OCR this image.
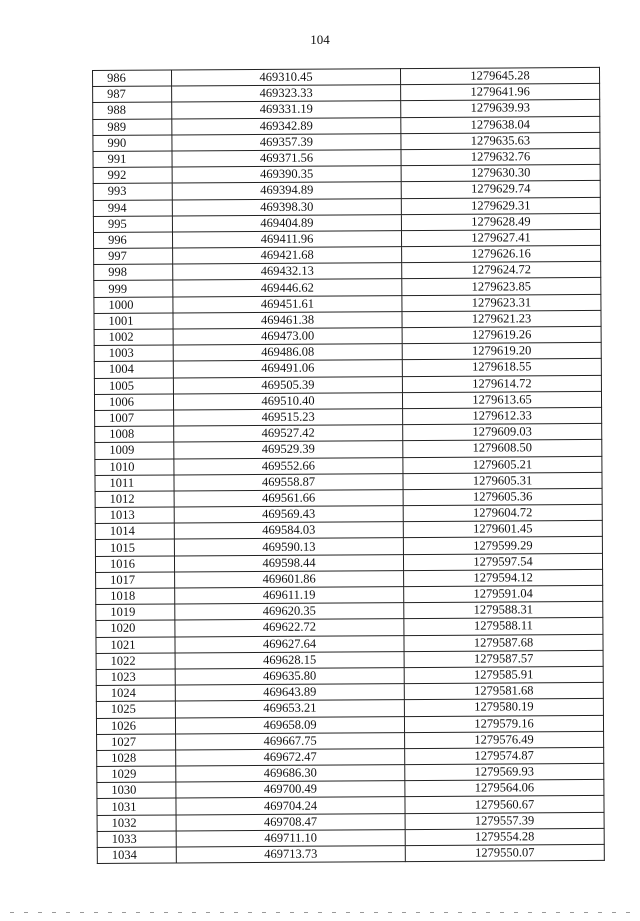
104
986	469310.45	1279645.28
987	469323.33	1279641.96
988	469331.19	1279639.93
989	469342.89	1279638.04
990	469357.39	1279635.63
991	469371.56	1279632.76
992	469390.35	1279630.30
993	469394.89	1279629.74
994	469398.30	1279629.31
995	469404.89	1279628.49
996	469411.96	1279627.41
997	469421.68	1279626.16
998	469432.13	1279624.72
999	469446.62	1279623.85
1000	469451.61	1279623.31
1001	469461.38	1279621.23
1002	469473.00	1279619.26
1003	469486.08	1279619.20
1004	469491.06	1279618.55
1005	469505.39	1279614.72
1006	469510.40	1279613.65
1007	469515.23	1279612.33
1008	469527.42	1279609.03
1009	469529.39	1279608.50
1010	469552.66	1279605.21
1011	469558.87	1279605.31
1012	469561.66	1279605.36
1013	469569.43	1279604.72
1014	469584.03	1279601.45
1015	469590.13	1279599.29
1016	469598.44	1279597.54
1017	469601.86	1279594.12
1018	469611.19	1279591.04
1019	469620.35	1279588.31
1020	469622.72	1279588.11
1021	469627.64	1279587.68
1022	469628.15	1279587.57
1023	469635.80	1279585.91
1024	469643.89	1279581.68
1025	469653.21	1279580.19
1026	469658.09	1279579.16
1027	469667.75	1279576.49
1028	469672.47	1279574.87
1029	469686.30	1279569.93
1030	469700.49	1279564.06
1031	469704.24	1279560.67
1032	469708.47	1279557.39
1033	469711.10	1279554.28
1034	469713.73	1279550.07
